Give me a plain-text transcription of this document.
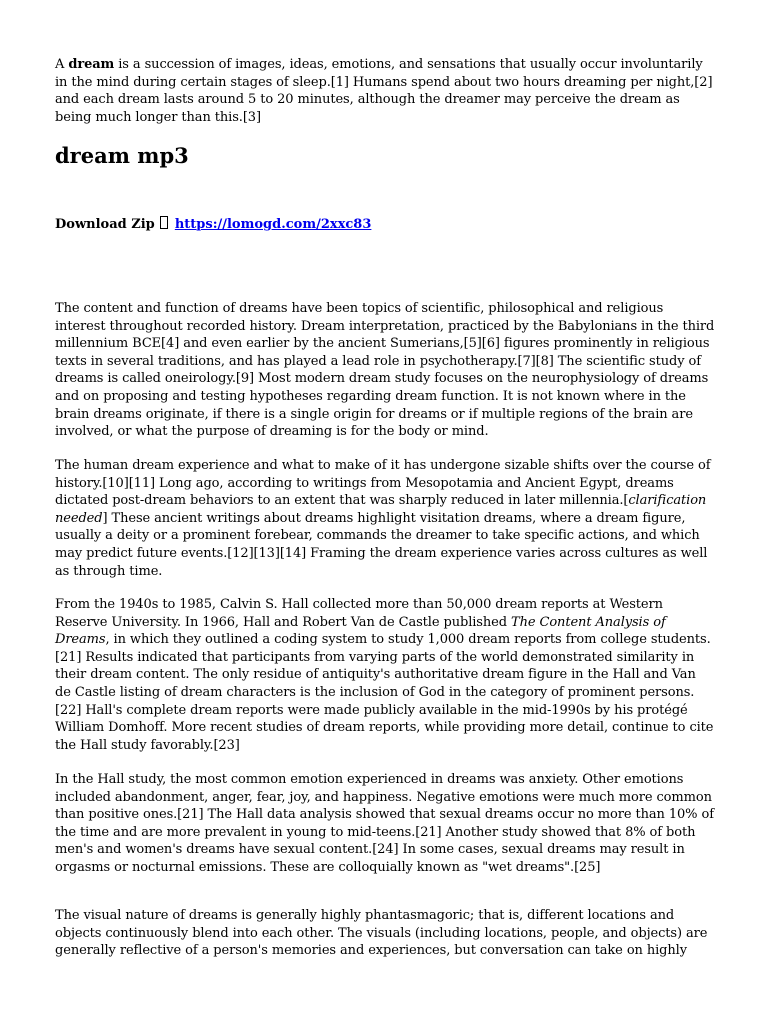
A dream is a succession of images, ideas, emotions, and sensations that usually occur involuntarily in the mind during certain stages of sleep.[1] Humans spend about two hours dreaming per night,[2] and each dream lasts around 5 to 20 minutes, although the dreamer may perceive the dream as being much longer than this.[3]

dream mp3
Download Zip https://lomogd.com/2xxc83

The content and function of dreams have been topics of scientific, philosophical and religious interest throughout recorded history. Dream interpretation, practiced by the Babylonians in the third millennium BCE[4] and even earlier by the ancient Sumerians,[5][6] figures prominently in religious texts in several traditions, and has played a lead role in psychotherapy.[7][8] The scientific study of dreams is called oneirology.[9] Most modern dream study focuses on the neurophysiology of dreams and on proposing and testing hypotheses regarding dream function. It is not known where in the brain dreams originate, if there is a single origin for dreams or if multiple regions of the brain are involved, or what the purpose of dreaming is for the body or mind.

The human dream experience and what to make of it has undergone sizable shifts over the course of history.[10][11] Long ago, according to writings from Mesopotamia and Ancient Egypt, dreams dictated post-dream behaviors to an extent that was sharply reduced in later millennia.[clarification needed] These ancient writings about dreams highlight visitation dreams, where a dream figure, usually a deity or a prominent forebear, commands the dreamer to take specific actions, and which may predict future events.[12][13][14] Framing the dream experience varies across cultures as well as through time.

From the 1940s to 1985, Calvin S. Hall collected more than 50,000 dream reports at Western Reserve University. In 1966, Hall and Robert Van de Castle published The Content Analysis of Dreams, in which they outlined a coding system to study 1,000 dream reports from college students.[21] Results indicated that participants from varying parts of the world demonstrated similarity in their dream content. The only residue of antiquity's authoritative dream figure in the Hall and Van de Castle listing of dream characters is the inclusion of God in the category of prominent persons.[22] Hall's complete dream reports were made publicly available in the mid-1990s by his protégé William Domhoff. More recent studies of dream reports, while providing more detail, continue to cite the Hall study favorably.[23]

In the Hall study, the most common emotion experienced in dreams was anxiety. Other emotions included abandonment, anger, fear, joy, and happiness. Negative emotions were much more common than positive ones.[21] The Hall data analysis showed that sexual dreams occur no more than 10% of the time and are more prevalent in young to mid-teens.[21] Another study showed that 8% of both men's and women's dreams have sexual content.[24] In some cases, sexual dreams may result in orgasms or nocturnal emissions. These are colloquially known as "wet dreams".[25]

The visual nature of dreams is generally highly phantasmagoric; that is, different locations and objects continuously blend into each other. The visuals (including locations, people, and objects) are generally reflective of a person's memories and experiences, but conversation can take on highly
